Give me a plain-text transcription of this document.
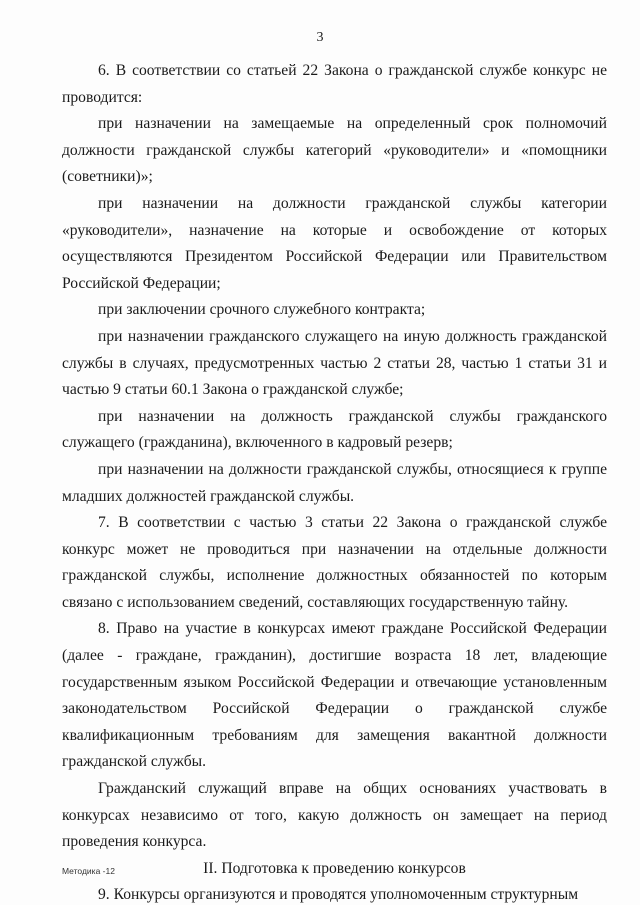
3

6. В соответствии со статьей 22 Закона о гражданской службе конкурс не проводится:

при назначении на замещаемые на определенный срок полномочий должности гражданской службы категорий «руководители» и «помощники (советники)»;

при назначении на должности гражданской службы категории «руководители», назначение на которые и освобождение от которых осуществляются Президентом Российской Федерации или Правительством Российской Федерации;

при заключении срочного служебного контракта;

при назначении гражданского служащего на иную должность гражданской службы в случаях, предусмотренных частью 2 статьи 28, частью 1 статьи 31 и частью 9 статьи 60.1 Закона о гражданской службе;

при назначении на должность гражданской службы гражданского служащего (гражданина), включенного в кадровый резерв;

при назначении на должности гражданской службы, относящиеся к группе младших должностей гражданской службы.

7. В соответствии с частью 3 статьи 22 Закона о гражданской службе конкурс может не проводиться при назначении на отдельные должности гражданской службы, исполнение должностных обязанностей по которым связано с использованием сведений, составляющих государственную тайну.

8. Право на участие в конкурсах имеют граждане Российской Федерации (далее - граждане, гражданин), достигшие возраста 18 лет, владеющие государственным языком Российской Федерации и отвечающие установленным законодательством Российской Федерации о гражданской службе квалификационным требованиям для замещения вакантной должности гражданской службы.

Гражданский служащий вправе на общих основаниях участвовать в конкурсах независимо от того, какую должность он замещает на период проведения конкурса.

II. Подготовка к проведению конкурсов

9. Конкурсы организуются и проводятся уполномоченным структурным

Методика -12
